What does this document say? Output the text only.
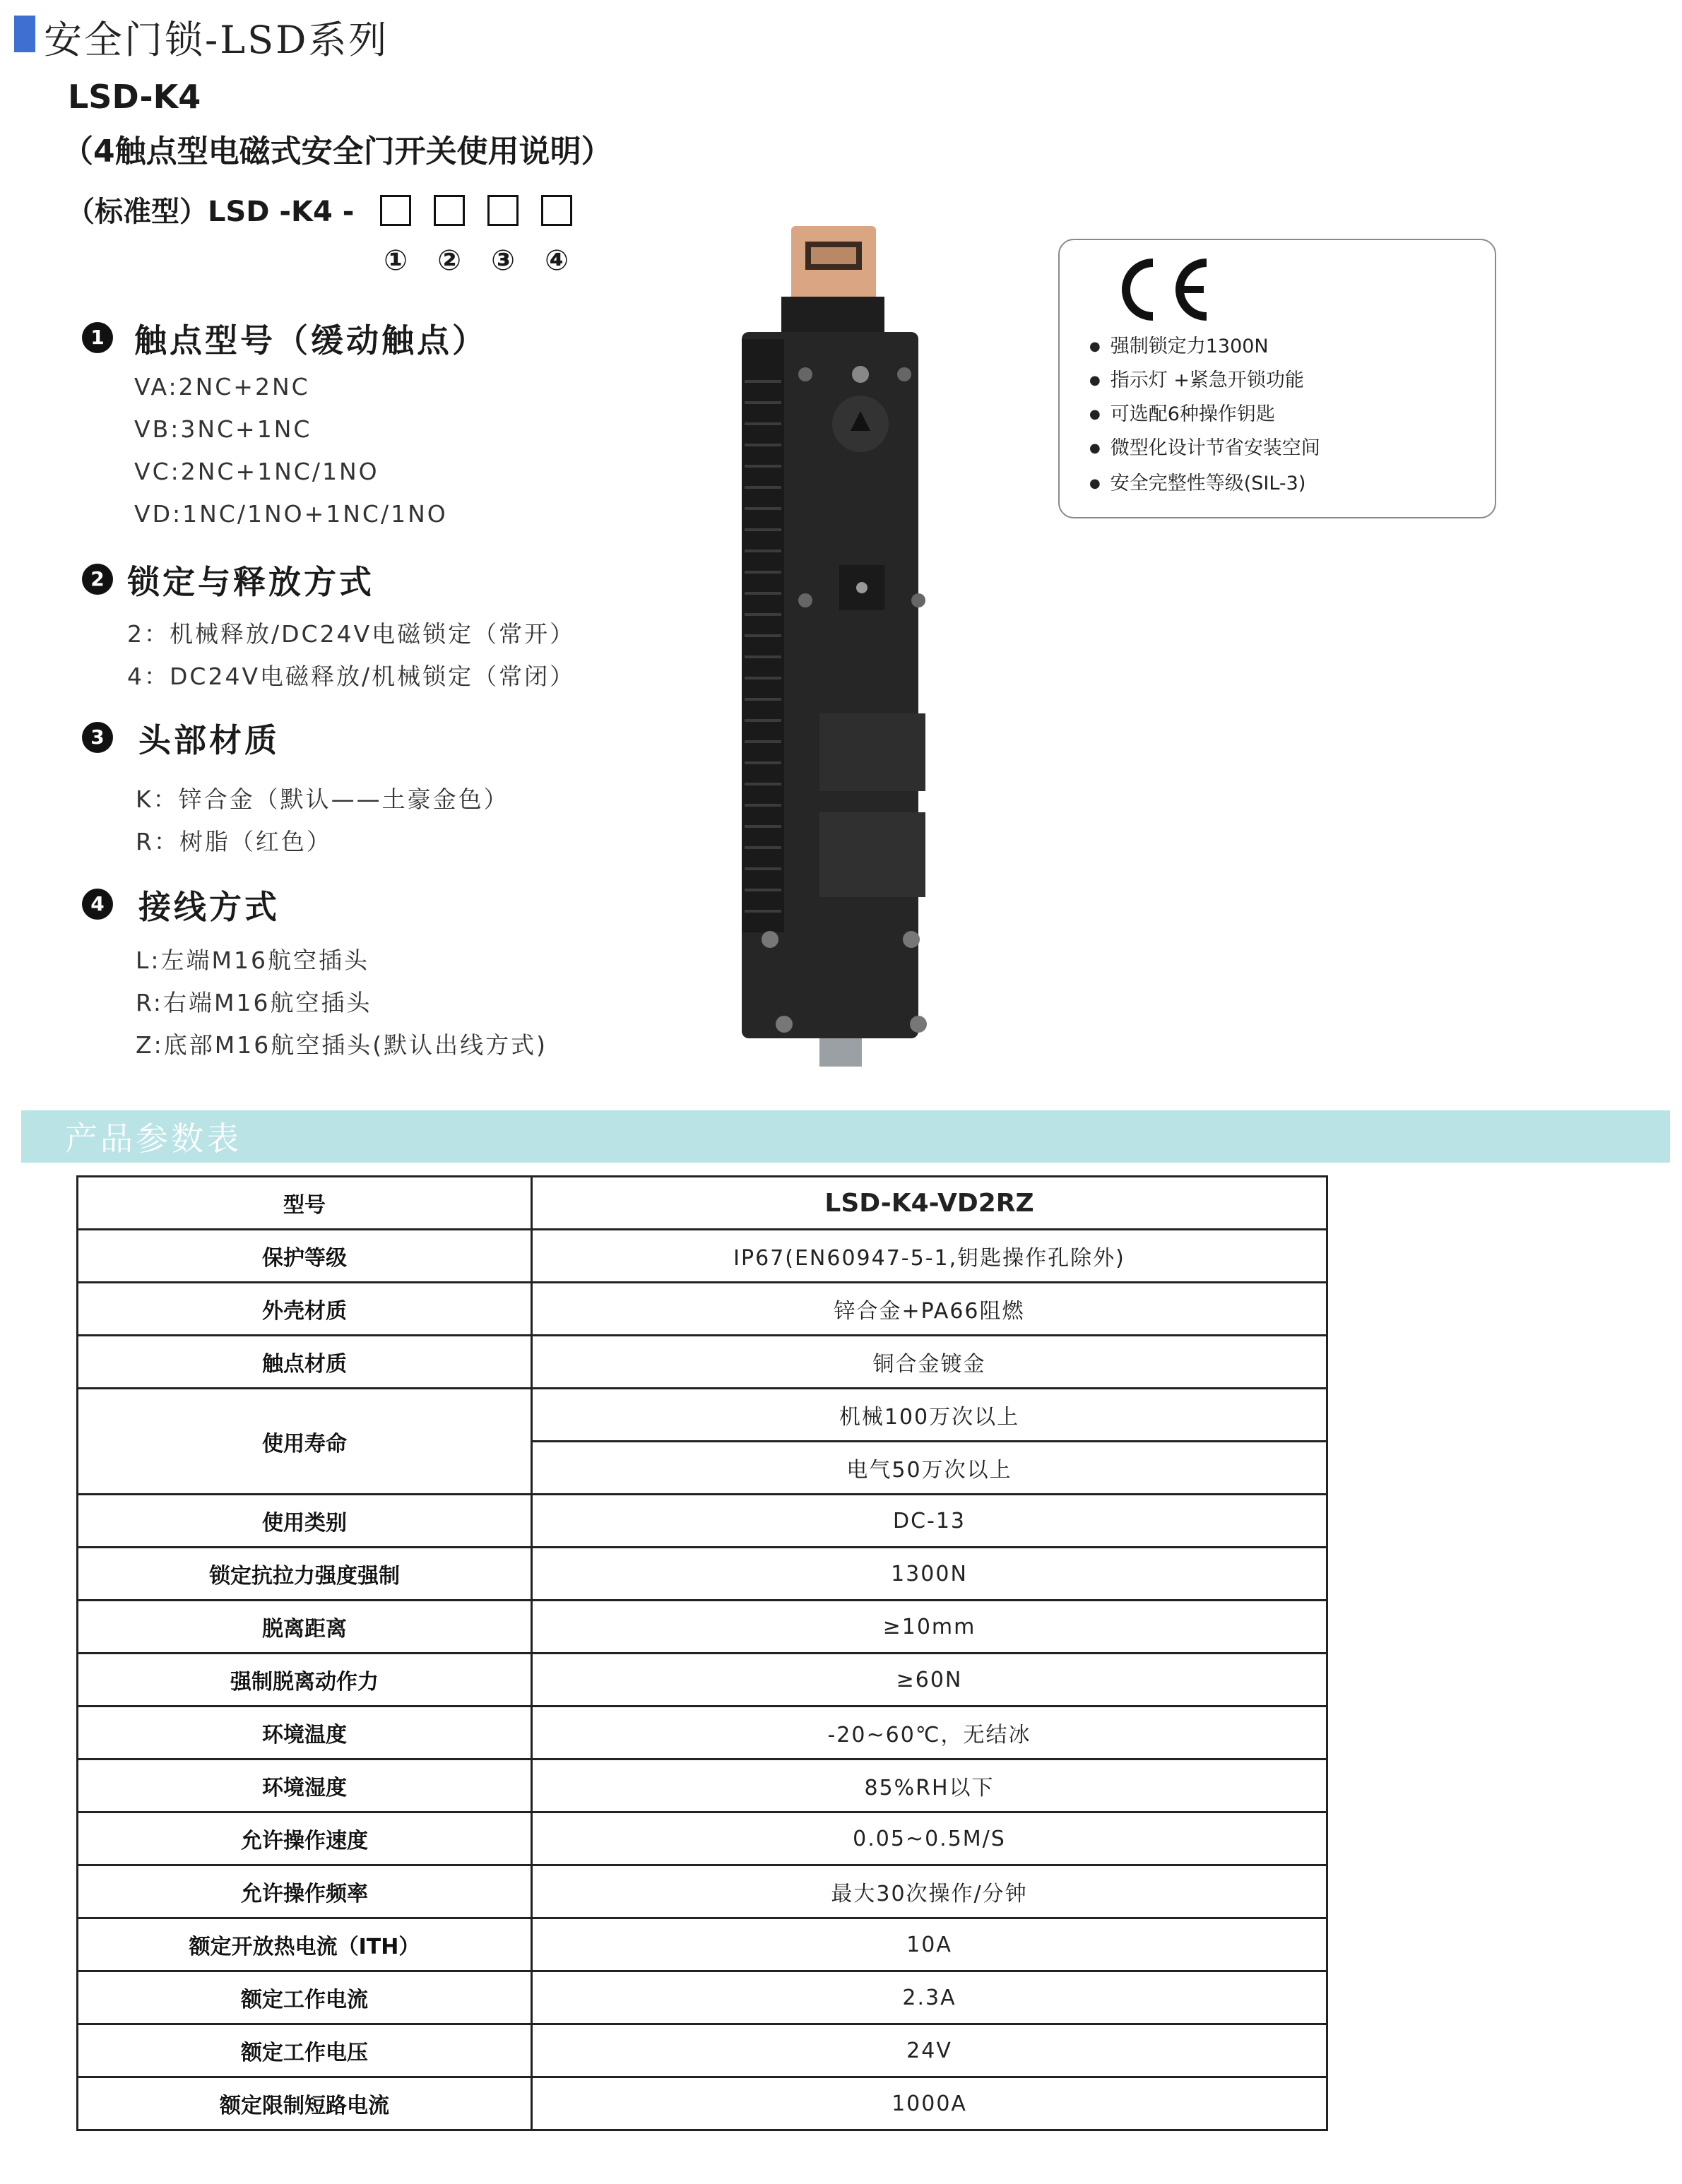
安全门锁-LSD系列
LSD-K4
（4触点型电磁式安全门开关使用说明）
（标准型）LSD -K4 -
①	②	③	④
1 触点型号（缓动触点）
VA:2NC+2NC
VB:3NC+1NC
VC:2NC+1NC/1NO
VD:1NC/1NO+1NC/1NO
2 锁定与释放方式
2：机械释放/DC24V电磁锁定（常开）
4：DC24V电磁释放/机械锁定（常闭）
3 头部材质
K：锌合金（默认——土豪金色）
R：树脂（红色）
4 接线方式
L:左端M16航空插头
R:右端M16航空插头
Z:底部M16航空插头(默认出线方式)
● 强制锁定力1300N
● 指示灯 +紧急开锁功能
● 可选配6种操作钥匙
● 微型化设计节省安装空间
● 安全完整性等级(SIL-3)
产品参数表
型号	LSD-K4-VD2RZ
保护等级	IP67(EN60947-5-1,钥匙操作孔除外)
外壳材质	锌合金+PA66阻燃
触点材质	铜合金镀金
使用寿命	机械100万次以上
	电气50万次以上
使用类别	DC-13
锁定抗拉力强度强制	1300N
脱离距离	≥10mm
强制脱离动作力	≥60N
环境温度	-20~60℃，无结冰
环境湿度	85%RH以下
允许操作速度	0.05~0.5M/S
允许操作频率	最大30次操作/分钟
额定开放热电流（ITH）	10A
额定工作电流	2.3A
额定工作电压	24V
额定限制短路电流	1000A
